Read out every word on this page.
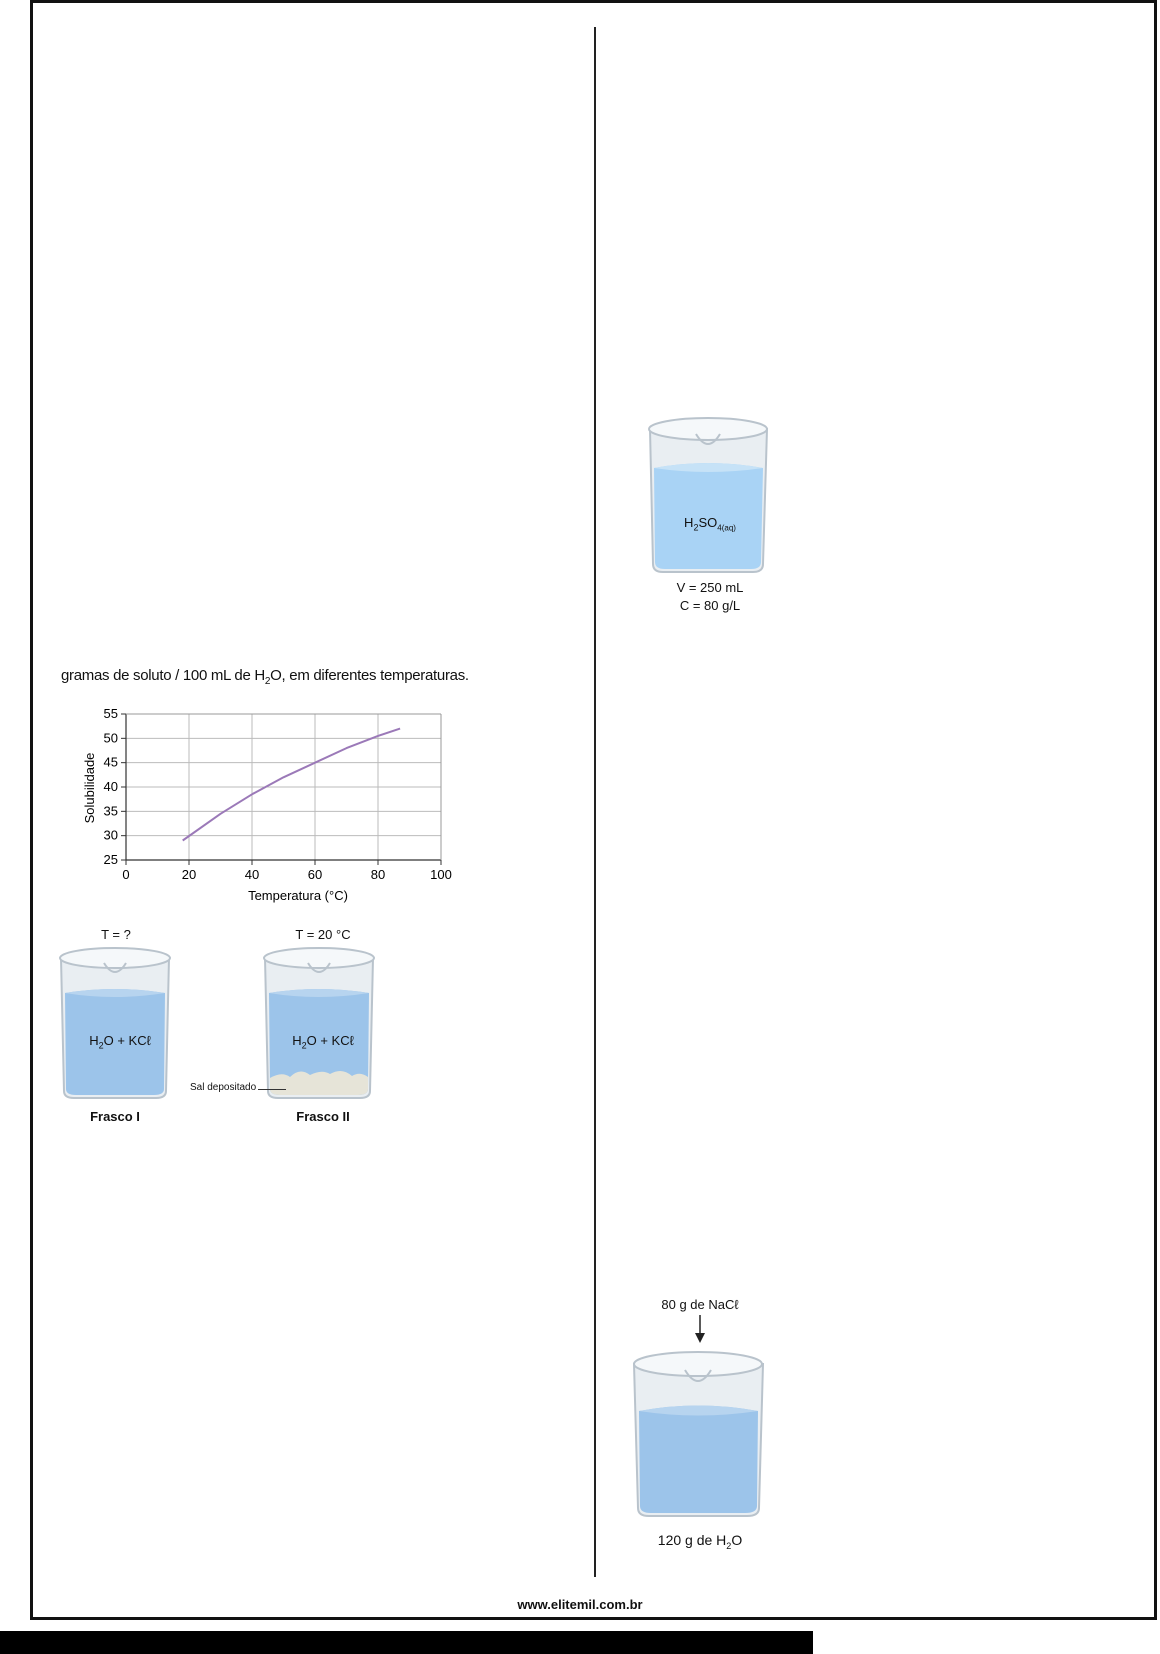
gramas de soluto / 100 mL de $H_2O$, em diferentes temperaturas.
0	20	40	60	80	100
25
30
35
40
45
50
55
Temperatura (°C)
Solubilidade
T = ?
$H_2O$ + KCℓ
Frasco I
T = 20 °C
$H_2O$ + KCℓ
Sal depositado
Frasco II
$H_2SO_{4(aq)}$
V = 250 mL
C = 80 g/L
80 g de NaCℓ
120 g de $H_2O$
www.elitemil.com.br
